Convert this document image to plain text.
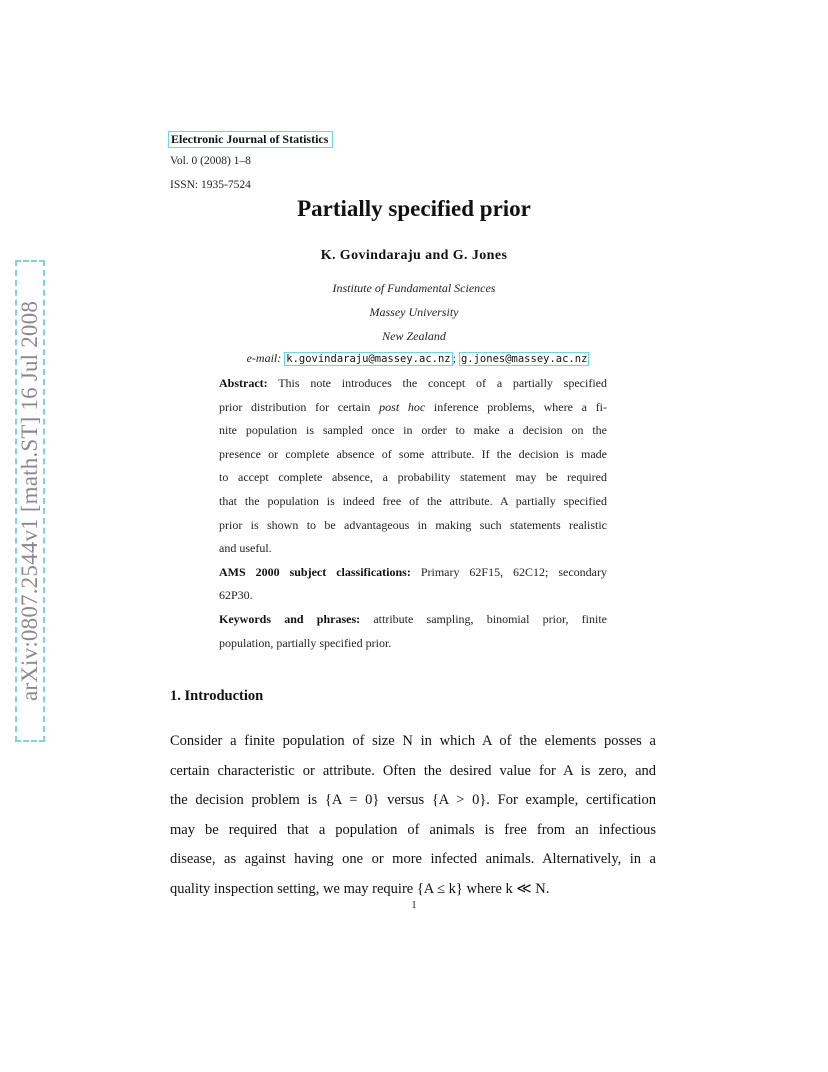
arXiv:0807.2544v1 [math.ST] 16 Jul 2008
Electronic Journal of Statistics
Vol. 0 (2008) 1–8
ISSN: 1935-7524
Partially specified prior
K. Govindaraju and G. Jones
Institute of Fundamental Sciences
Massey University
New Zealand
e-mail: k.govindaraju@massey.ac.nz ; g.jones@massey.ac.nz
Abstract: This note introduces the concept of a partially specified
prior distribution for certain post hoc inference problems, where a fi-
nite population is sampled once in order to make a decision on the
presence or complete absence of some attribute. If the decision is made
to accept complete absence, a probability statement may be required
that the population is indeed free of the attribute. A partially specified
prior is shown to be advantageous in making such statements realistic
and useful.
AMS 2000 subject classifications: Primary 62F15, 62C12; secondary
62P30.
Keywords and phrases: attribute sampling, binomial prior, finite
population, partially specified prior.
1. Introduction
Consider a finite population of size N in which A of the elements posses a
certain characteristic or attribute. Often the desired value for A is zero, and
the decision problem is {A = 0} versus {A > 0}. For example, certification
may be required that a population of animals is free from an infectious
disease, as against having one or more infected animals. Alternatively, in a
quality inspection setting, we may require {A ≤ k} where k ≪ N.
1
